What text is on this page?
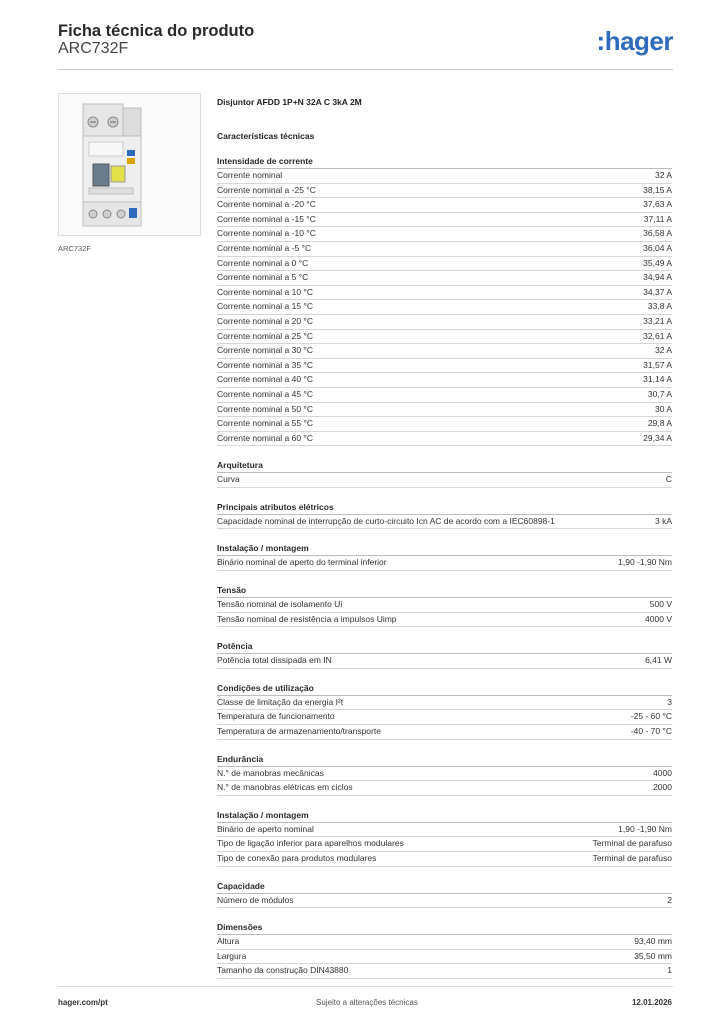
Ficha técnica do produto
ARC732F	:hager
ARC732F
Disjuntor AFDD 1P+N 32A C 3kA 2M
Características técnicas
Intensidade de corrente
Corrente nominal	32 A
Corrente nominal a -25 °C	38,15 A
Corrente nominal a -20 °C	37,63 A
Corrente nominal a -15 °C	37,11 A
Corrente nominal a -10 °C	36,58 A
Corrente nominal a -5 °C	36,04 A
Corrente nominal a 0 °C	35,49 A
Corrente nominal a 5 °C	34,94 A
Corrente nominal a 10 °C	34,37 A
Corrente nominal a 15 °C	33,8 A
Corrente nominal a 20 °C	33,21 A
Corrente nominal a 25 °C	32,61 A
Corrente nominal a 30 °C	32 A
Corrente nominal a 35 °C	31,57 A
Corrente nominal a 40 °C	31,14 A
Corrente nominal a 45 °C	30,7 A
Corrente nominal a 50 °C	30 A
Corrente nominal a 55 °C	29,8 A
Corrente nominal a 60 °C	29,34 A
Arquitetura
Curva	C
Principais atributos elétricos
Capacidade nominal de interrupção de curto-circuito Icn AC de acordo com a IEC60898-1	3 kA
Instalação / montagem
Binário nominal de aperto do terminal inferior	1,90 -1,90 Nm
Tensão
Tensão nominal de isolamento Ui	500 V
Tensão nominal de resistência a impulsos Uimp	4000 V
Potência
Potência total dissipada em IN	6,41 W
Condições de utilização
Classe de limitação da energia I²t	3
Temperatura de funcionamento	-25 - 60 °C
Temperatura de armazenamento/transporte	-40 - 70 °C
Endurância
N.° de manobras mecânicas	4000
N.° de manobras elétricas em ciclos	2000
Instalação / montagem
Binário de aperto nominal	1,90 -1,90 Nm
Tipo de ligação inferior para aparelhos modulares	Terminal de parafuso
Tipo de conexão para produtos modulares	Terminal de parafuso
Capacidade
Número de módulos	2
Dimensões
Altura	93,40 mm
Largura	35,50 mm
Tamanho da construção DIN43880	1
hager.com/pt	Sujeito a alterações técnicas	12.01.2026
